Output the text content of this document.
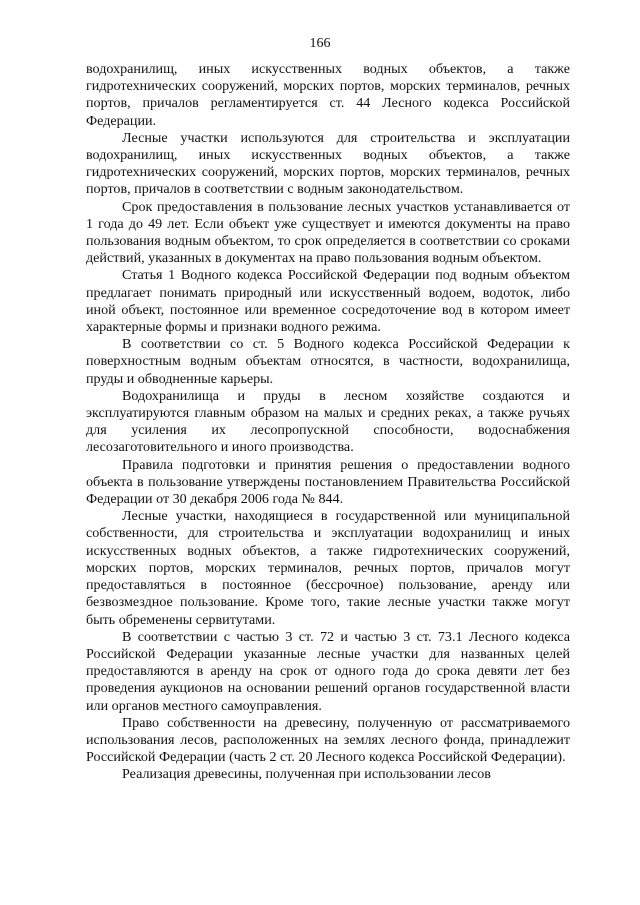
166

водохранилищ, иных искусственных водных объектов, а также гидротехнических сооружений, морских портов, морских терминалов, речных портов, причалов регламентируется ст. 44 Лесного кодекса Российской Федерации.

Лесные участки используются для строительства и эксплуатации водохранилищ, иных искусственных водных объектов, а также гидротехнических сооружений, морских портов, морских терминалов, речных портов, причалов в соответствии с водным законодательством.

Срок предоставления в пользование лесных участков устанавливается от 1 года до 49 лет. Если объект уже существует и имеются документы на право пользования водным объектом, то срок определяется в соответствии со сроками действий, указанных в документах на право пользования водным объектом.

Статья 1 Водного кодекса Российской Федерации под водным объектом предлагает понимать природный или искусственный водоем, водоток, либо иной объект, постоянное или временное сосредоточение вод в котором имеет характерные формы и признаки водного режима.

В соответствии со ст. 5 Водного кодекса Российской Федерации к поверхностным водным объектам относятся, в частности, водохранилища, пруды и обводненные карьеры.

Водохранилища и пруды в лесном хозяйстве создаются и эксплуатируются главным образом на малых и средних реках, а также ручьях для усиления их лесопропускной способности, водоснабжения лесозаготовительного и иного производства.

Правила подготовки и принятия решения о предоставлении водного объекта в пользование утверждены постановлением Правительства Российской Федерации от 30 декабря 2006 года № 844.

Лесные участки, находящиеся в государственной или муниципальной собственности, для строительства и эксплуатации водохранилищ и иных искусственных водных объектов, а также гидротехнических сооружений, морских портов, морских терминалов, речных портов, причалов могут предоставляться в постоянное (бессрочное) пользование, аренду или безвозмездное пользование. Кроме того, такие лесные участки также могут быть обременены сервитутами.

В соответствии с частью 3 ст. 72 и частью 3 ст. 73.1 Лесного кодекса Российской Федерации указанные лесные участки для названных целей предоставляются в аренду на срок от одного года до срока девяти лет без проведения аукционов на основании решений органов государственной власти или органов местного самоуправления.

Право собственности на древесину, полученную от рассматриваемого использования лесов, расположенных на землях лесного фонда, принадлежит Российской Федерации (часть 2 ст. 20 Лесного кодекса Российской Федерации).

Реализация древесины, полученная при использовании лесов
